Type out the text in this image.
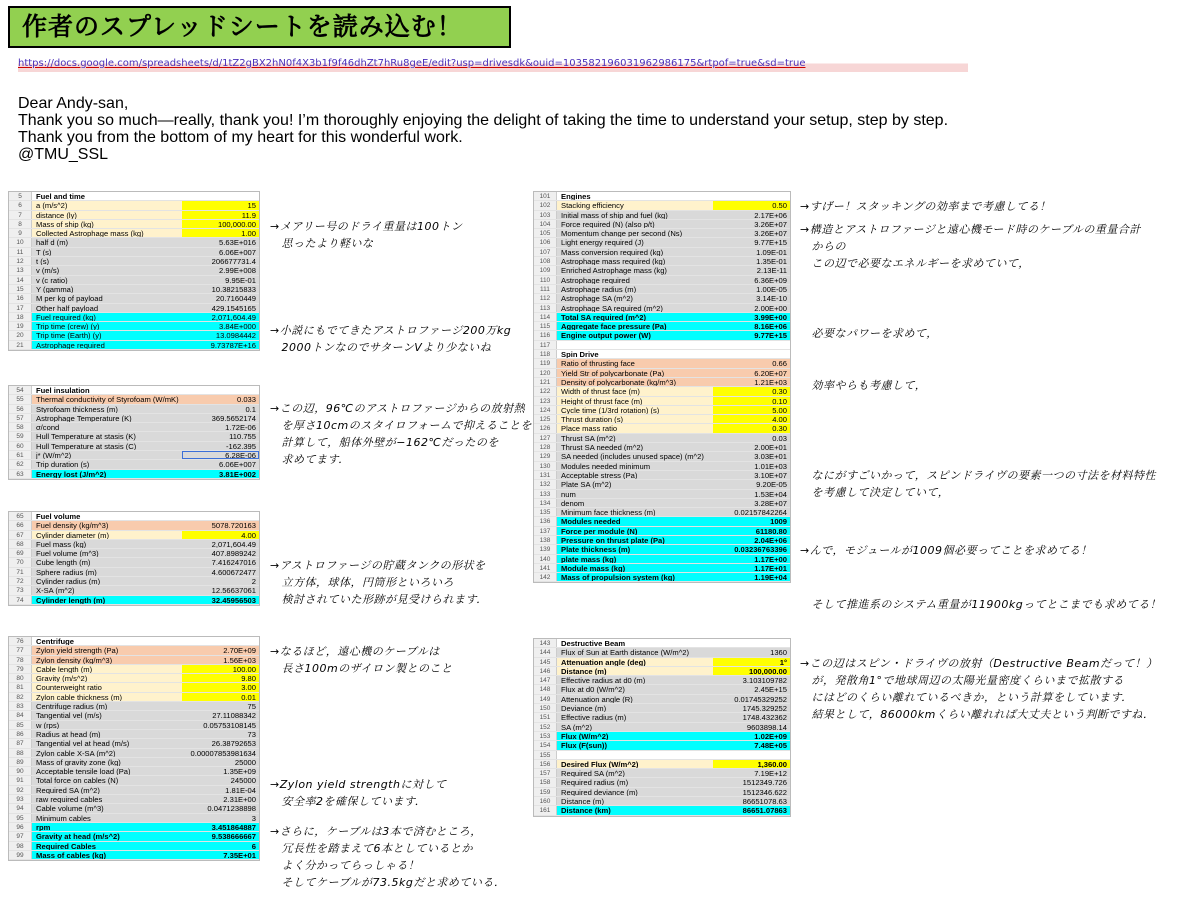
作者のスプレッドシートを読み込む！
https://docs.google.com/spreadsheets/d/1tZ2gBX2hN0f4X3b1f9f46dhZt7hRu8geE/edit?usp=drivesdk&ouid=103582196031962986175&rtpof=true&sd=true
Dear Andy-san,
Thank you so much—really, thank you! I’m thoroughly enjoying the delight of taking the time to understand your setup, step by step.
Thank you from the bottom of my heart for this wonderful work.
@TMU_SSL
5	Fuel and time
6	a (m/s^2)	15
7	distance (ly)	11.9
8	Mass of ship (kg)	100,000.00
9	Collected Astrophage mass (kg)	1.00
10	half d (m)	5.63E+016
11	T (s)	6.06E+007
12	t (s)	206677731.4
13	v (m/s)	2.99E+008
14	v (c ratio)	9.95E-01
15	Y (gamma)	10.38215833
16	M per kg of payload	20.7160449
17	Other half payload	429.1545165
18	Fuel required (kg)	2,071,604.49
19	Trip time (crew) (y)	3.84E+000
20	Trip time (Earth) (y)	13.0984442
21	Astrophage required	9.73787E+16
54	Fuel insulation
55	Thermal conductivity of Styrofoam (W/mK)	0.033
56	Styrofoam thickness (m)	0.1
57	Astrophage Temperature (K)	369.5652174
58	σ/cond	1.72E-06
59	Hull Temperature at stasis (K)	110.755
60	Hull Temperature at stasis (C)	-162.395
61	j* (W/m^2)	6.28E-06
62	Trip duration (s)	6.06E+007
63	Energy lost (J/m^2)	3.81E+002
65	Fuel volume
66	Fuel density (kg/m^3)	5078.720163
67	Cylinder diameter (m)	4.00
68	Fuel mass (kg)	2,071,604.49
69	Fuel volume (m^3)	407.8989242
70	Cube length (m)	7.416247016
71	Sphere radius (m)	4.600672477
72	Cylinder radius (m)	2
73	X-SA (m^2)	12.56637061
74	Cylinder length (m)	32.45956503
76	Centrifuge
77	Zylon yield strength (Pa)	2.70E+09
78	Zylon density (kg/m^3)	1.56E+03
79	Cable length (m)	100.00
80	Gravity (m/s^2)	9.80
81	Counterweight ratio	3.00
82	Zylon cable thickness (m)	0.01
83	Centrifuge radius (m)	75
84	Tangential vel (m/s)	27.11088342
85	w (rps)	0.05753108145
86	Radius at head (m)	73
87	Tangential vel at head (m/s)	26.38792653
88	Zylon cable X-SA (m^2)	0.00007853981634
89	Mass of gravity zone (kg)	25000
90	Acceptable tensile load (Pa)	1.35E+09
91	Total force on cables (N)	245000
92	Required SA (m^2)	1.81E-04
93	raw required cables	2.31E+00
94	Cable volume (m^3)	0.0471238898
95	Minimum cables	3
96	rpm	3.451864887
97	Gravity at head (m/s^2)	9.538666667
98	Required Cables	6
99	Mass of cables (kg)	7.35E+01
101	Engines
102	Stacking efficiency	0.50
103	Initial mass of ship and fuel (kg)	2.17E+06
104	Force required (N) (also p/t)	3.26E+07
105	Momentum change per second (Ns)	3.26E+07
106	Light energy required (J)	9.77E+15
107	Mass conversion required (kg)	1.09E-01
108	Astrophage mass required (kg)	1.35E-01
109	Enriched Astrophage mass (kg)	2.13E-11
110	Astrophage required	6.36E+09
111	Astrophage radius (m)	1.00E-05
112	Astrophage SA (m^2)	3.14E-10
113	Astrophage SA required (m^2)	2.00E+00
114	Total SA required (m^2)	3.99E+00
115	Aggregate face pressure (Pa)	8.16E+06
116	Engine output power (W)	9.77E+15
117
118	Spin Drive
119	Ratio of thrusting face	0.66
120	Yield Str of polycarbonate (Pa)	6.20E+07
121	Density of polycarbonate (kg/m^3)	1.21E+03
122	Width of thrust face (m)	0.30
123	Height of thrust face (m)	0.10
124	Cycle time (1/3rd rotation) (s)	5.00
125	Thrust duration (s)	4.00
126	Place mass ratio	0.30
127	Thrust SA (m^2)	0.03
128	Thrust SA needed (m^2)	2.00E+01
129	SA needed (includes unused space) (m^2)	3.03E+01
130	Modules needed minimum	1.01E+03
131	Acceptable stress (Pa)	3.10E+07
132	Plate SA (m^2)	9.20E-05
133	num	1.53E+04
134	denom	3.28E+07
135	Minimum face thickness (m)	0.02157842264
136	Modules needed	1009
137	Force per module (N)	61180.80
138	Pressure on thrust plate (Pa)	2.04E+06
139	Plate thickness (m)	0.03236763396
140	plate mass (kg)	1.17E+00
141	Module mass (kg)	1.17E+01
142	Mass of propulsion system (kg)	1.19E+04
143	Destructive Beam
144	Flux of Sun at Earth distance (W/m^2)	1360
145	Attenuation angle (deg)	1°
146	Distance (m)	100,000.00
147	Effective radius at d0 (m)	3.103109782
148	Flux at d0 (W/m^2)	2.45E+15
149	Attenuation angle (R)	0.01745329252
150	Deviance (m)	1745.329252
151	Effective radius (m)	1748.432362
152	SA (m^2)	9603898.14
153	Flux (W/m^2)	1.02E+09
154	Flux (F(sun))	7.48E+05
155
156	Desired Flux (W/m^2)	1,360.00
157	Required SA (m^2)	7.19E+12
158	Required radius (m)	1512349.726
159	Required deviance (m)	1512346.622
160	Distance (m)	86651078.63
161	Distance (km)	86651.07863
→メアリー号のドライ重量は100トン
　思ったより軽いな
→小説にもでてきたアストロファージ200万kg
　2000トンなのでサターンVより少ないね
→この辺，96℃のアストロファージからの放射熱
　を厚さ10cmのスタイロフォームで抑えることを
　計算して，船体外壁が−162℃だったのを
　求めてます．
→アストロファージの貯蔵タンクの形状を
　立方体，球体，円筒形といろいろ
　検討されていた形跡が見受けられます．
→なるほど，遠心機のケーブルは
　長さ100mのザイロン製とのこと
→Zylon yield strengthに対して
　安全率2を確保しています．
→さらに，ケーブルは3本で済むところ，
　冗長性を踏まえて6本としているとか
　よく分かってらっしゃる！
　そしてケーブルが73.5kgだと求めている．
→すげー！スタッキングの効率まで考慮してる！
→構造とアストロファージと遠心機モード時のケーブルの重量合計
　からの
　この辺で必要なエネルギーを求めていて，
　必要なパワーを求めて，
　効率やらも考慮して，
　なにがすごいかって，スピンドライヴの要素一つの寸法を材料特性
　を考慮して決定していて，
→んで，モジュールが1009個必要ってことを求めてる！
　そして推進系のシステム重量が11900kgってとこまでも求めてる！
→この辺はスピン・ドライヴの放射（Destructive Beamだって！）
　が，発散角1°で地球周辺の太陽光量密度くらいまで拡散する
　にはどのくらい離れているべきか，という計算をしています．
　結果として，86000kmくらい離れれば大丈夫という判断ですね．
